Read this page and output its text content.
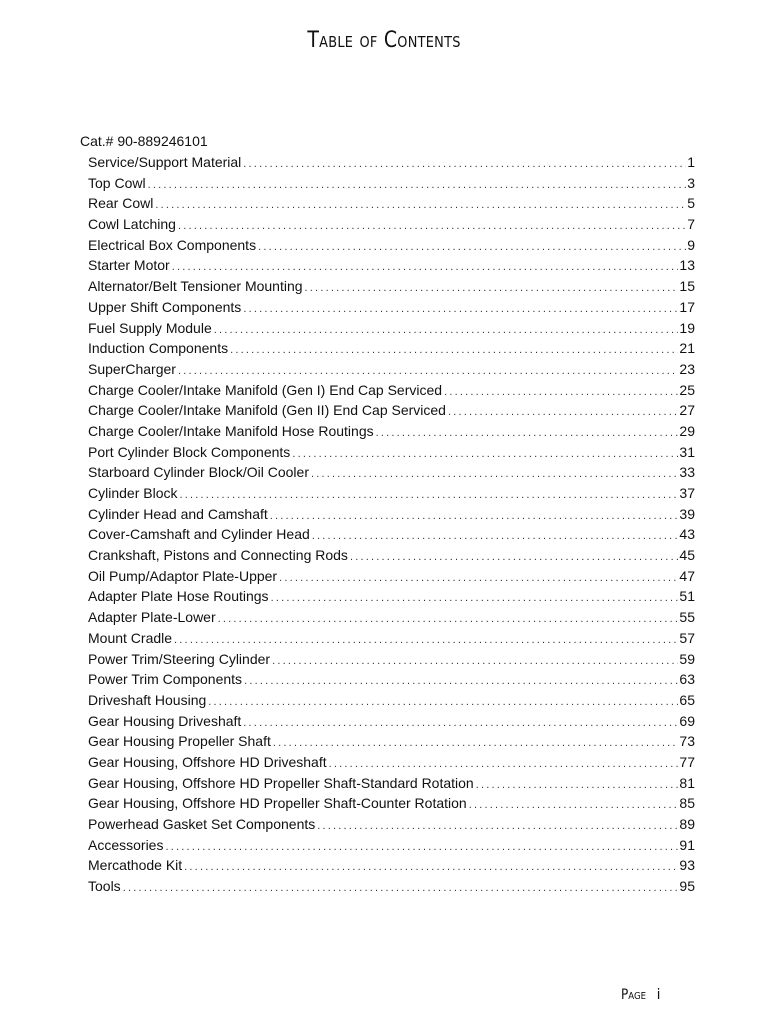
Table of Contents
Cat.# 90-889246101
Service/Support Material .....	1
Top Cowl .....	3
Rear Cowl .....	5
Cowl Latching .....	7
Electrical Box Components .....	9
Starter Motor .....	13
Alternator/Belt Tensioner Mounting .....	15
Upper Shift Components .....	17
Fuel Supply Module .....	19
Induction Components .....	21
SuperCharger .....	23
Charge Cooler/Intake Manifold (Gen I) End Cap Serviced .....	25
Charge Cooler/Intake Manifold (Gen II) End Cap Serviced .....	27
Charge Cooler/Intake Manifold Hose Routings .....	29
Port Cylinder Block Components .....	31
Starboard Cylinder Block/Oil Cooler .....	33
Cylinder Block .....	37
Cylinder Head and Camshaft .....	39
Cover-Camshaft and Cylinder Head .....	43
Crankshaft, Pistons and Connecting Rods .....	45
Oil Pump/Adaptor Plate-Upper .....	47
Adapter Plate Hose Routings .....	51
Adapter Plate-Lower .....	55
Mount Cradle .....	57
Power Trim/Steering Cylinder .....	59
Power Trim Components .....	63
Driveshaft Housing .....	65
Gear Housing Driveshaft .....	69
Gear Housing Propeller Shaft .....	73
Gear Housing, Offshore HD Driveshaft .....	77
Gear Housing, Offshore HD Propeller Shaft-Standard Rotation .....	81
Gear Housing, Offshore HD Propeller Shaft-Counter Rotation .....	85
Powerhead Gasket Set Components .....	89
Accessories .....	91
Mercathode Kit .....	93
Tools .....	95
Page i
